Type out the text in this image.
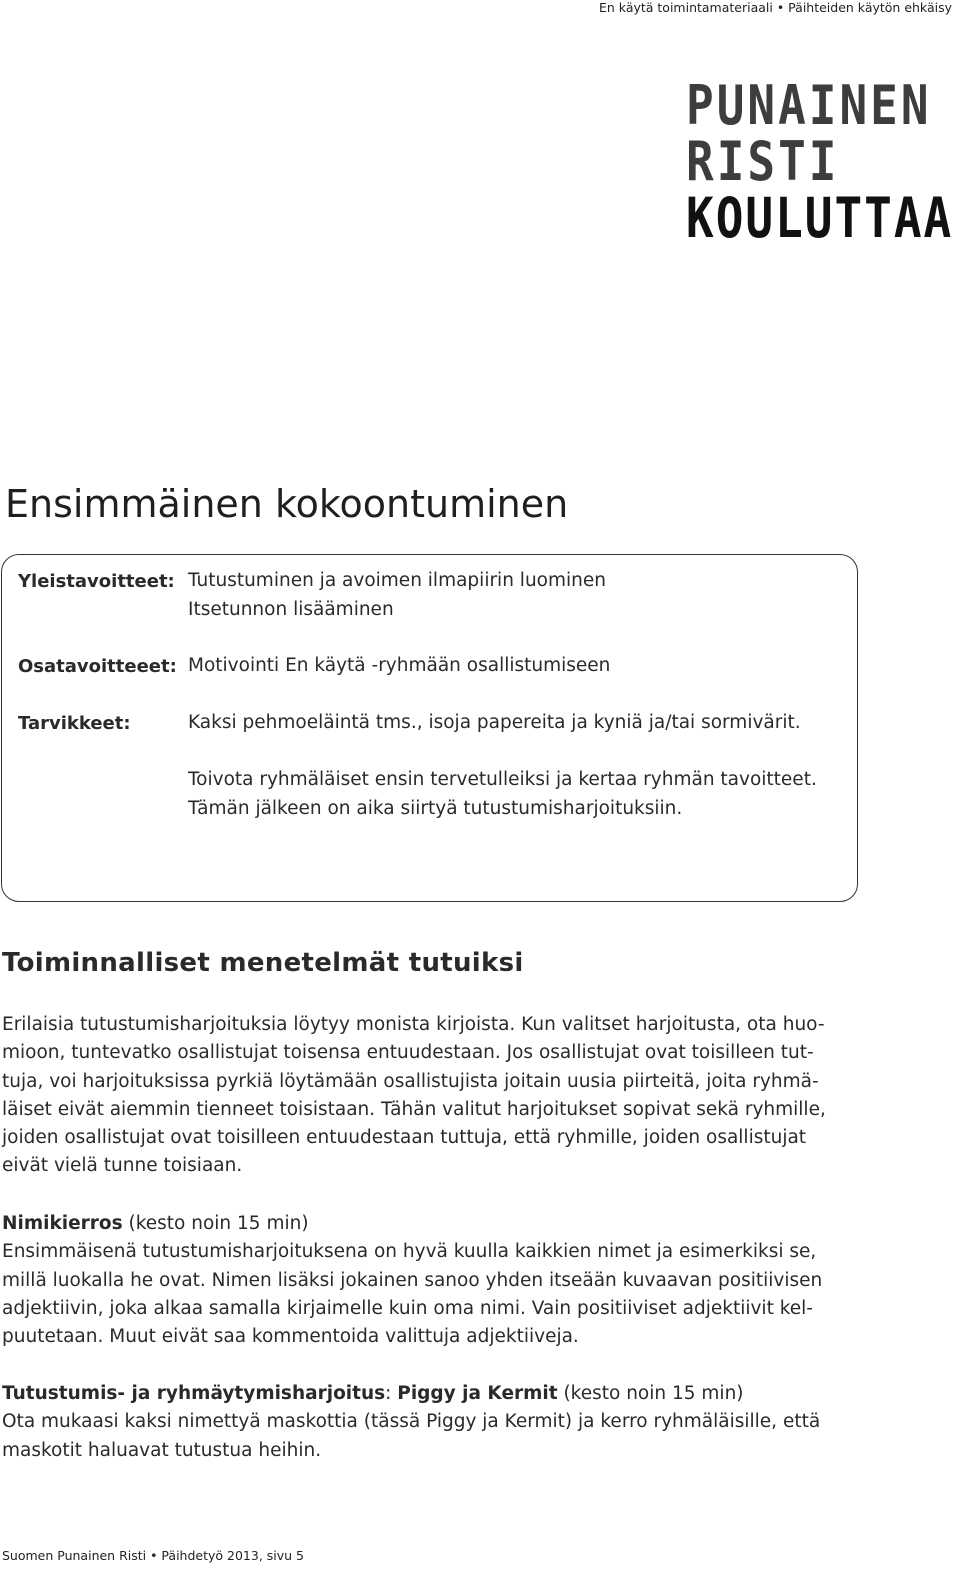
En käytä toimintamateriaali • Päihteiden käytön ehkäisy
PUNAINEN
RISTI
KOULUTTAA
Ensimmäinen kokoontuminen
Yleistavoitteet: Tutustuminen ja avoimen ilmapiirin luominen
Itsetunnon lisääminen
Osatavoitteeet: Motivointi En käytä -ryhmään osallistumiseen
Tarvikkeet:	Kaksi pehmoeläintä tms., isoja papereita ja kyniä ja/tai sormivärit.
Toivota ryhmäläiset ensin tervetulleiksi ja kertaa ryhmän tavoitteet.
Tämän jälkeen on aika siirtyä tutustumisharjoituksiin.
Toiminnalliset menetelmät tutuiksi

Erilaisia tutustumisharjoituksia löytyy monista kirjoista. Kun valitset harjoitusta, ota huo-
mioon, tuntevatko osallistujat toisensa entuudestaan. Jos osallistujat ovat toisilleen tut-
tuja, voi harjoituksissa pyrkiä löytämään osallistujista joitain uusia piirteitä, joita ryhmä-
läiset eivät aiemmin tienneet toisistaan. Tähän valitut harjoitukset sopivat sekä ryhmille,
joiden osallistujat ovat toisilleen entuudestaan tuttuja, että ryhmille, joiden osallistujat
eivät vielä tunne toisiaan.

Nimikierros (kesto noin 15 min)
Ensimmäisenä tutustumisharjoituksena on hyvä kuulla kaikkien nimet ja esimerkiksi se,
millä luokalla he ovat. Nimen lisäksi jokainen sanoo yhden itseään kuvaavan positiivisen
adjektiivin, joka alkaa samalla kirjaimelle kuin oma nimi. Vain positiiviset adjektiivit kel-
puutetaan. Muut eivät saa kommentoida valittuja adjektiiveja.

Tutustumis- ja ryhmäytymisharjoitus: Piggy ja Kermit (kesto noin 15 min)
Ota mukaasi kaksi nimettyä maskottia (tässä Piggy ja Kermit) ja kerro ryhmäläisille, että
maskotit haluavat tutustua heihin.

Suomen Punainen Risti • Päihdetyö 2013, sivu 5
